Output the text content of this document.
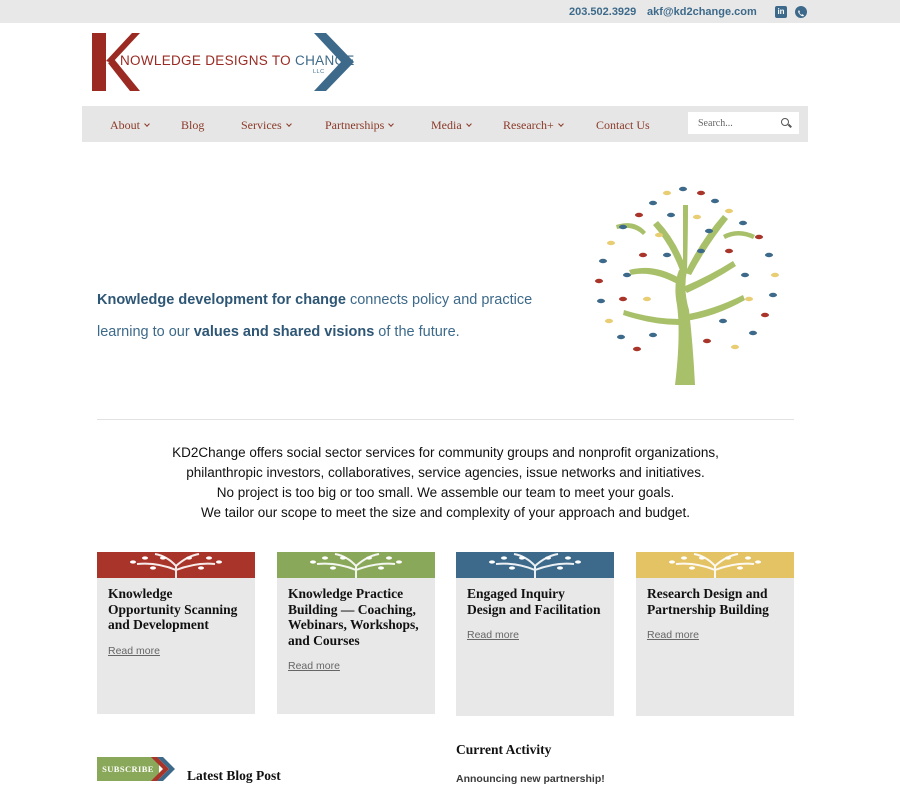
203.502.3929 akf@kd2change.com	in
NOWLEDGE DESIGNS TO CHANGE
LLC
About	Blog	Services	Partnerships	Media	Research+	Contact Us
Search...
Knowledge development for change connects policy and practice
learning to our values and shared visions of the future.
KD2Change offers social sector services for community groups and nonprofit organizations,
philanthropic investors, collaboratives, service agencies, issue networks and initiatives.
No project is too big or too small. We assemble our team to meet your goals.
We tailor our scope to meet the size and complexity of your approach and budget.
Knowledge Opportunity Scanning and Development
Read more
Knowledge Practice Building — Coaching, Webinars, Workshops, and Courses
Read more
Engaged Inquiry Design and Facilitation
Read more
Research Design and Partnership Building
Read more
SUBSCRIBE	Latest Blog Post
Current Activity
Announcing new partnership!
